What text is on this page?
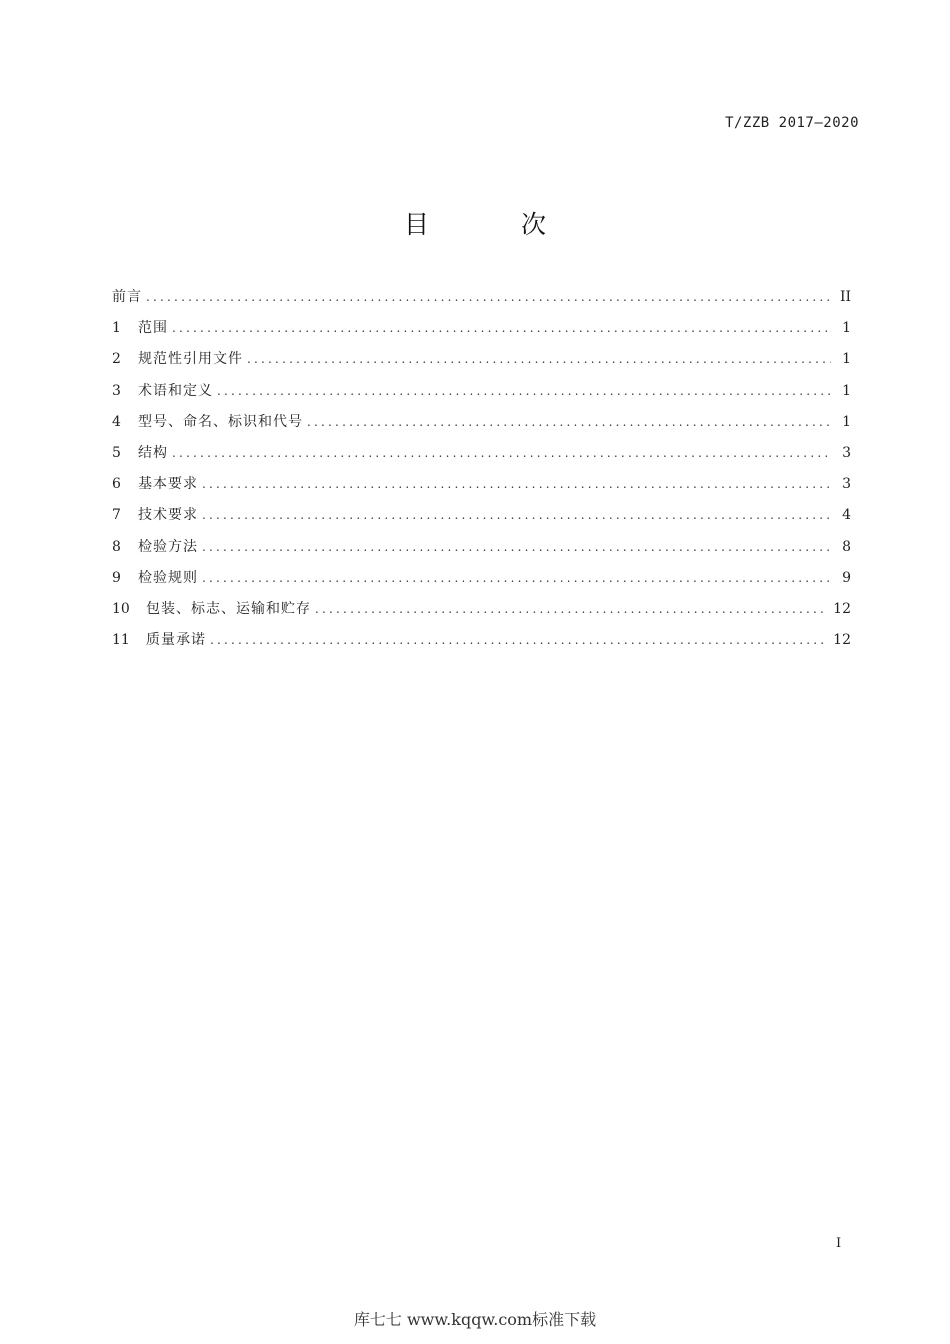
T/ZZB 2017—2020
目 次
前言 .....	II
1	范围 .....	1
2	规范性引用文件 .....	1
3	术语和定义 .....	1
4	型号、命名、标识和代号 .....	1
5	结构 .....	3
6	基本要求 .....	3
7	技术要求 .....	4
8	检验方法 .....	8
9	检验规则 .....	9
10	包装、标志、运输和贮存 .....	12
11	质量承诺 .....	12
I
库七七 www.kqqw.com标准下载
